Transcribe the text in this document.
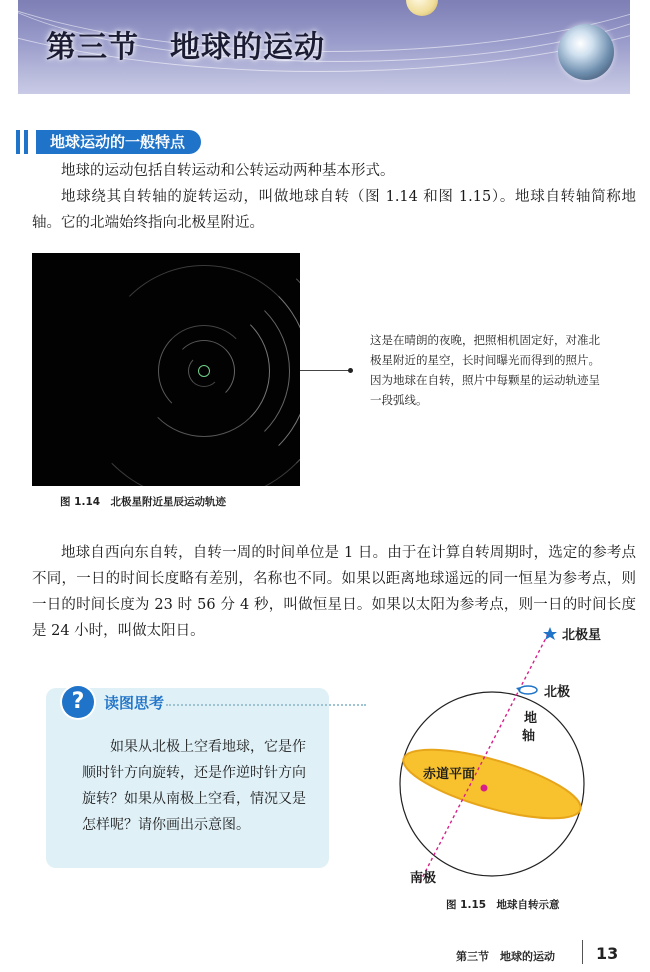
第三节　地球的运动
地球运动的一般特点

地球的运动包括自转运动和公转运动两种基本形式。

地球绕其自转轴的旋转运动，叫做地球自转（图 1.14 和图 1.15）。地球自转轴简称地轴。它的北端始终指向北极星附近。

这是在晴朗的夜晚，把照相机固定好，对准北极星附近的星空，长时间曝光而得到的照片。因为地球在自转，照片中每颗星的运动轨迹呈一段弧线。

图 1.14　北极星附近星辰运动轨迹

地球自西向东自转，自转一周的时间单位是 1 日。由于在计算自转周期时，选定的参考点不同，一日的时间长度略有差别，名称也不同。如果以距离地球遥远的同一恒星为参考点，则一日的时间长度为 23 时 56 分 4 秒，叫做恒星日。如果以太阳为参考点，则一日的时间长度是 24 小时，叫做太阳日。

?	读图思考

如果从北极上空看地球，它是作顺时针方向旋转，还是作逆时针方向旋转？如果从南极上空看，情况又是怎样呢？请你画出示意图。

北极星
北极
地
轴
赤道平面
南极

图 1.15　地球自转示意

第三节　地球的运动	13
